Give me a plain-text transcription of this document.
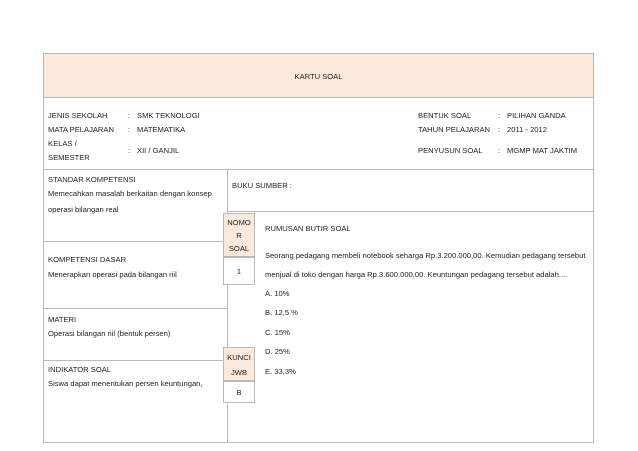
KARTU SOAL
JENIS SEKOLAH	: SMK TEKNOLOGI
MATA PELAJARAN : MATEMATIKA
KELAS /
SEMESTER
: XII / GANJIL
BENTUK SOAL	: PILIHAN GANDA
TAHUN PELAJARAN : 2011 - 2012
PENYUSUN SOAL : MGMP MAT JAKTIM
STANDAR KOMPETENSI
Memecahkan masalah berkaitan dengan konsep
operasi bilangan real
BUKU SUMBER :
NOMO
R
SOAL
1
KOMPETENSI DASAR
Menerapkan operasi pada bilangan riil
MATERI
Operasi bilangan riil (bentuk persen)
KUNCI
JWB
B
INDIKATOR SOAL
Siswa dapat menentukan persen keuntungan,
RUMUSAN BUTIR SOAL
Seorang pedagang membeli notebook seharga Rp.3.200.000,00. Kemudian pedagang tersebut
menjual di toko dengan harga Rp.3.600.000,00. Keuntungan pedagang tersebut adalah....
A. 10%
B. 12,5 %
C. 15%
D. 25%
E. 33,3%
